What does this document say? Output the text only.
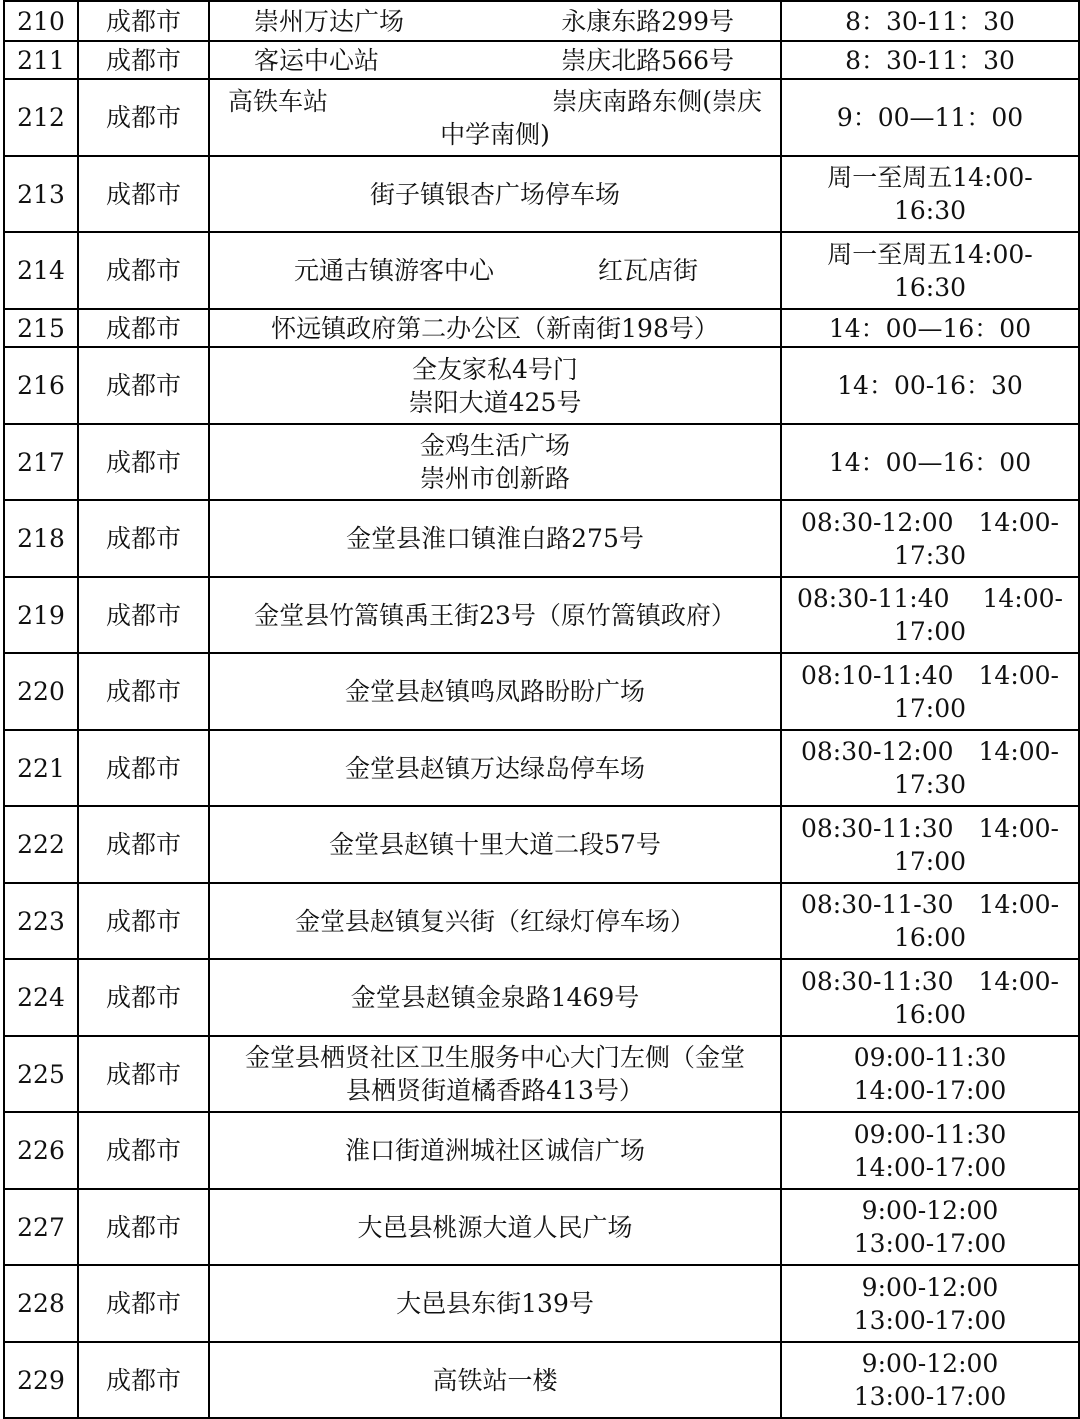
210	成都市	崇州万达广场 永康东路299号	8：30-11：30

211	成都市	客运中心站 崇庆北路566号	8：30-11：30

212	成都市	高铁车站 崇庆南路东侧(崇庆
中学南侧)	9：00—11：00

213	成都市	街子镇银杏广场停车场	周一至周五14:00-
16:30

214	成都市	元通古镇游客中心 红瓦店街	周一至周五14:00-
16:30

215	成都市	怀远镇政府第二办公区（新南街198号）	14：00—16：00

216	成都市	全友家私4号门
崇阳大道425号	14：00-16：30

217	成都市	金鸡生活广场
崇州市创新路	14：00—16：00

218	成都市	金堂县淮口镇淮白路275号	08:30-12:00　14:00-
17:30

219	成都市	金堂县竹篙镇禹王街23号（原竹篙镇政府）	08:30-11:40　 14:00-
17:00

220	成都市	金堂县赵镇鸣凤路盼盼广场	08:10-11:40　14:00-
17:00

221	成都市	金堂县赵镇万达绿岛停车场	08:30-12:00　14:00-
17:30

222	成都市	金堂县赵镇十里大道二段57号	08:30-11:30　14:00-
17:00

223	成都市	金堂县赵镇复兴街（红绿灯停车场）	08:30-11-30　14:00-
16:00

224	成都市	金堂县赵镇金泉路1469号	08:30-11:30　14:00-
16:00

225	成都市	金堂县栖贤社区卫生服务中心大门左侧（金堂
县栖贤街道橘香路413号）	09:00-11:30
14:00-17:00

226	成都市	淮口街道洲城社区诚信广场	09:00-11:30
14:00-17:00

227	成都市	大邑县桃源大道人民广场	9:00-12:00
13:00-17:00

228	成都市	大邑县东街139号	9:00-12:00
13:00-17:00

229	成都市	高铁站一楼	9:00-12:00
13:00-17:00
